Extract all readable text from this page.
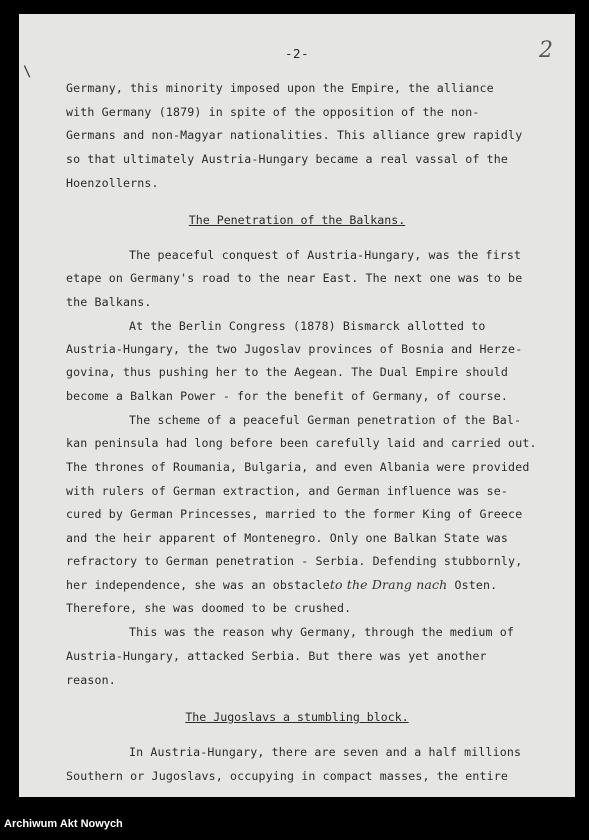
\
2
-2-
Germany, this minority imposed upon the Empire, the alliance
with Germany (1879) in spite of the opposition of the non-
Germans and non-Magyar nationalities. This alliance grew rapidly
so that ultimately Austria-Hungary became a real vassal of the
Hoenzollerns.
The Penetration of the Balkans.
The peaceful conquest of Austria-Hungary, was the first
etape on Germany's road to the near East. The next one was to be
the Balkans.
At the Berlin Congress (1878) Bismarck allotted to
Austria-Hungary, the two Jugoslav provinces of Bosnia and Herze-
govina, thus pushing her to the Aegean. The Dual Empire should
become a Balkan Power - for the benefit of Germany, of course.
The scheme of a peaceful German penetration of the Bal-
kan peninsula had long before been carefully laid and carried out.
The thrones of Roumania, Bulgaria, and even Albania were provided
with rulers of German extraction, and German influence was se-
cured by German Princesses, married to the former King of Greece
and the heir apparent of Montenegro. Only one Balkan State was
refractory to German penetration - Serbia. Defending stubbornly,
her independence, she was an obstacleto the Drang nach Osten.
Therefore, she was doomed to be crushed.
This was the reason why Germany, through the medium of
Austria-Hungary, attacked Serbia. But there was yet another
reason.
The Jugoslavs a stumbling block.
In Austria-Hungary, there are seven and a half millions
Southern or Jugoslavs, occupying in compact masses, the entire
Archiwum Akt Nowych
